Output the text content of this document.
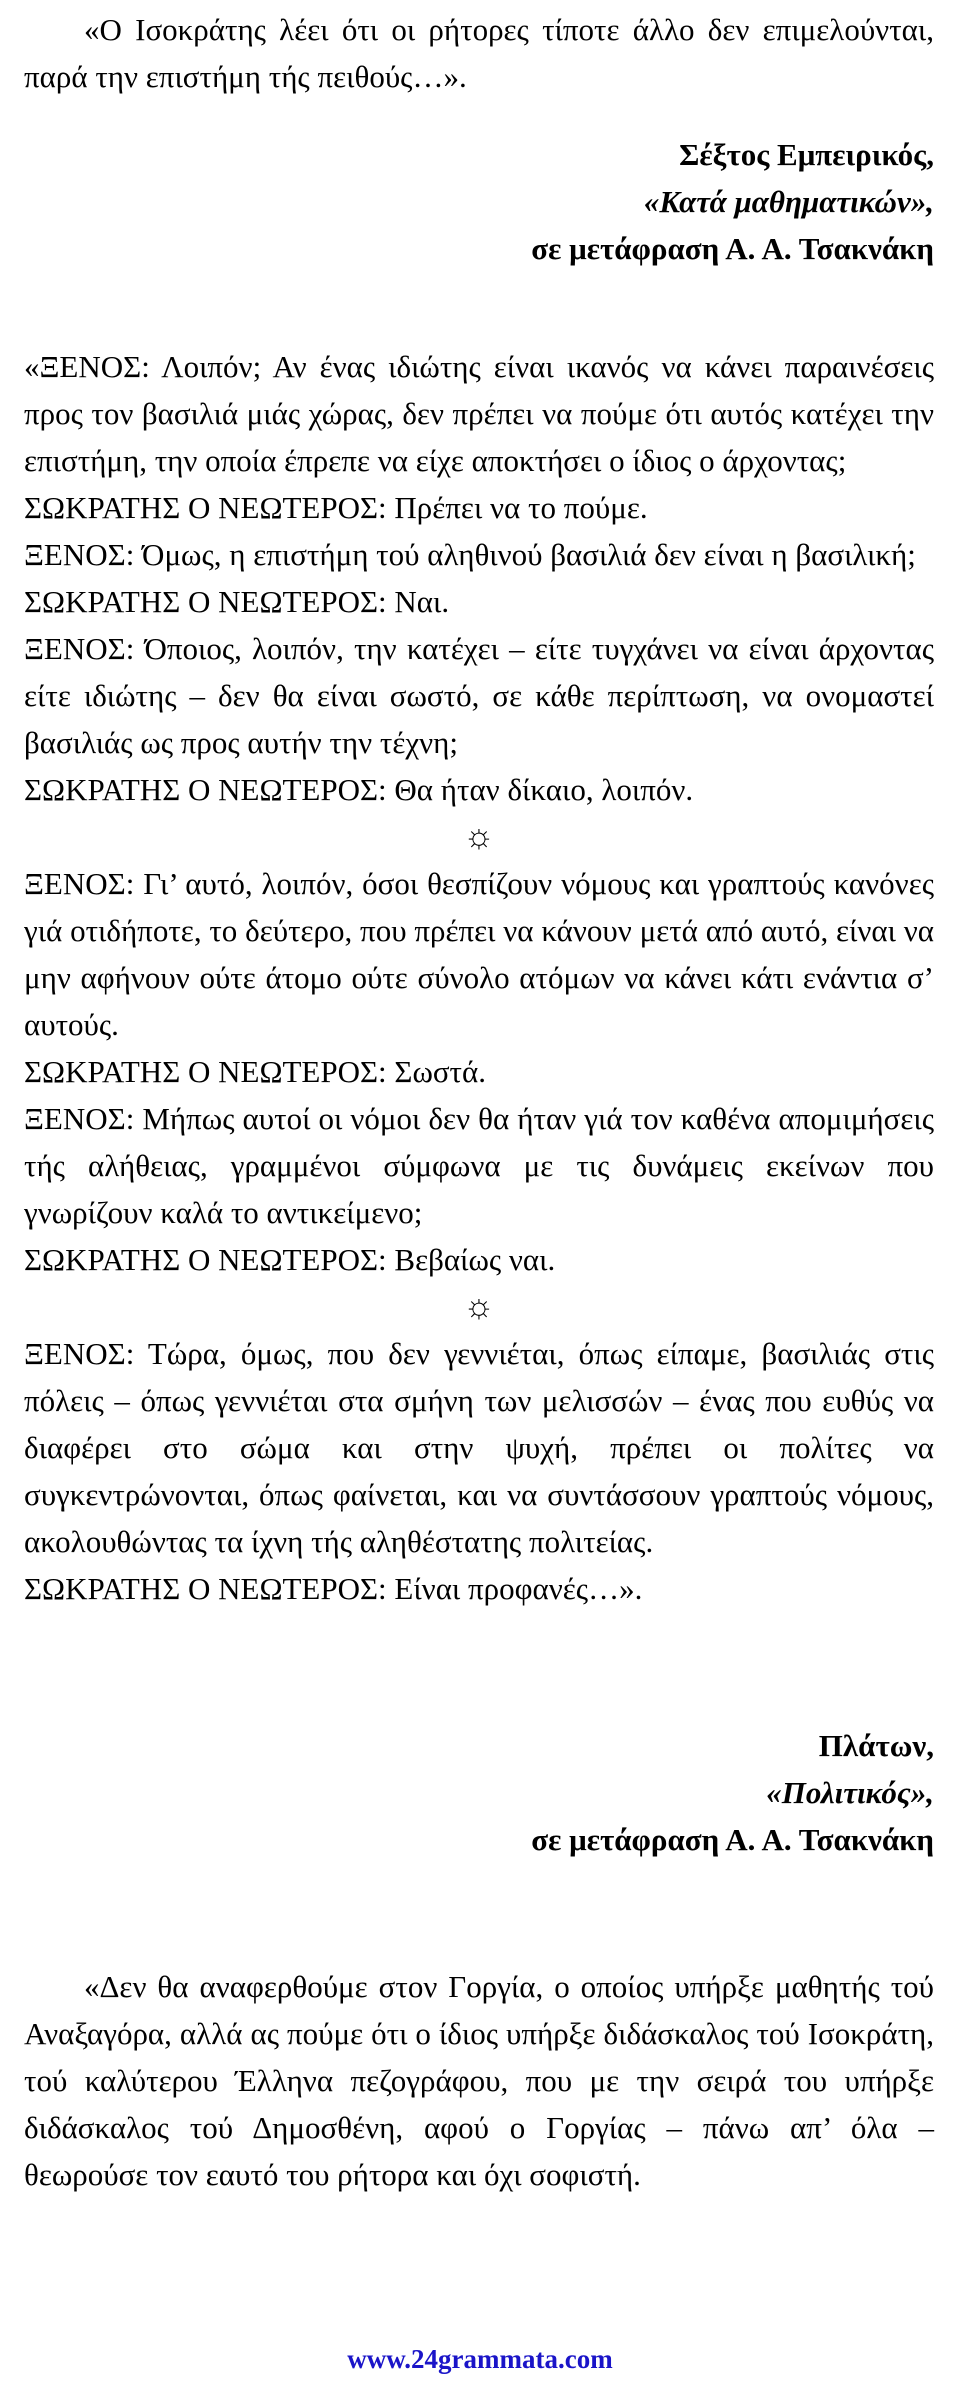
«Ο Ισοκράτης λέει ότι οι ρήτορες τίποτε άλλο δεν επιμελούνται, παρά την επιστήμη τής πειθούς…».

Σέξτος Εμπειρικός,

«Κατά μαθηματικών»,

σε μετάφραση Α. Α. Τσακνάκη

«ΞΕΝΟΣ: Λοιπόν; Αν ένας ιδιώτης είναι ικανός να κάνει παραινέσεις προς τον βασιλιά μιάς χώρας, δεν πρέπει να πούμε ότι αυτός κατέχει την επιστήμη, την οποία έπρεπε να είχε αποκτήσει ο ίδιος ο άρχοντας;

ΣΩΚΡΑΤΗΣ Ο ΝΕΩΤΕΡΟΣ: Πρέπει να το πούμε.

ΞΕΝΟΣ: Όμως, η επιστήμη τού αληθινού βασιλιά δεν είναι η βασιλική;

ΣΩΚΡΑΤΗΣ Ο ΝΕΩΤΕΡΟΣ: Ναι.

ΞΕΝΟΣ: Όποιος, λοιπόν, την κατέχει – είτε τυγχάνει να είναι άρχοντας είτε ιδιώτης – δεν θα είναι σωστό, σε κάθε περίπτωση, να ονομαστεί βασιλιάς ως προς αυτήν την τέχνη;

ΣΩΚΡΑΤΗΣ Ο ΝΕΩΤΕΡΟΣ: Θα ήταν δίκαιο, λοιπόν.

☼

ΞΕΝΟΣ: Γι’ αυτό, λοιπόν, όσοι θεσπίζουν νόμους και γραπτούς κανόνες γιά οτιδήποτε, το δεύτερο, που πρέπει να κάνουν μετά από αυτό, είναι να μην αφήνουν ούτε άτομο ούτε σύνολο ατόμων να κάνει κάτι ενάντια σ’ αυτούς.

ΣΩΚΡΑΤΗΣ Ο ΝΕΩΤΕΡΟΣ: Σωστά.

ΞΕΝΟΣ: Μήπως αυτοί οι νόμοι δεν θα ήταν γιά τον καθένα απομιμήσεις τής αλήθειας, γραμμένοι σύμφωνα με τις δυνάμεις εκείνων που γνωρίζουν καλά το αντικείμενο;

ΣΩΚΡΑΤΗΣ Ο ΝΕΩΤΕΡΟΣ: Βεβαίως ναι.

☼

ΞΕΝΟΣ: Τώρα, όμως, που δεν γεννιέται, όπως είπαμε, βασιλιάς στις πόλεις – όπως γεννιέται στα σμήνη των μελισσών – ένας που ευθύς να διαφέρει στο σώμα και στην ψυχή, πρέπει οι πολίτες να συγκεντρώνονται, όπως φαίνεται, και να συντάσσουν γραπτούς νόμους, ακολουθώντας τα ίχνη τής αληθέστατης πολιτείας.

ΣΩΚΡΑΤΗΣ Ο ΝΕΩΤΕΡΟΣ: Είναι προφανές…».

Πλάτων,

«Πολιτικός»,

σε μετάφραση Α. Α. Τσακνάκη

«Δεν θα αναφερθούμε στον Γοργία, ο οποίος υπήρξε μαθητής τού Αναξαγόρα, αλλά ας πούμε ότι ο ίδιος υπήρξε διδάσκαλος τού Ισοκράτη, τού καλύτερου Έλληνα πεζογράφου, που με την σειρά του υπήρξε διδάσκαλος τού Δημοσθένη, αφού ο Γοργίας – πάνω απ’ όλα – θεωρούσε τον εαυτό του ρήτορα και όχι σοφιστή.

www.24grammata.com
